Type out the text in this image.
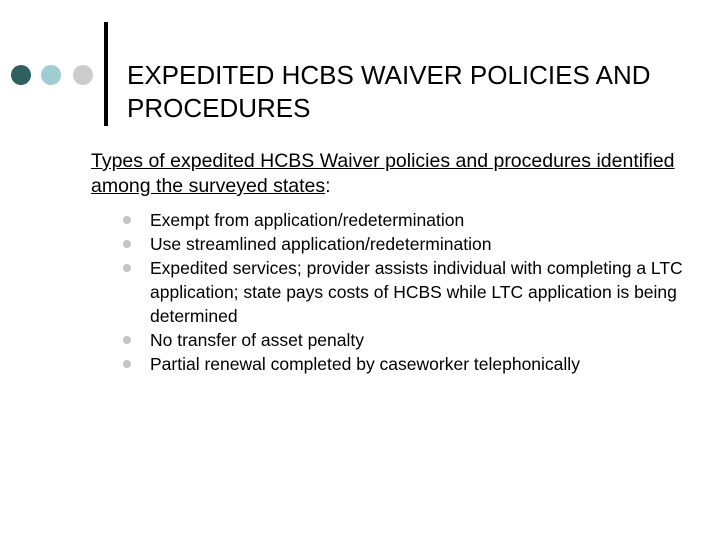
EXPEDITED HCBS WAIVER POLICIES AND PROCEDURES
Types of expedited HCBS Waiver policies and procedures identified among the surveyed states:
Exempt from application/redetermination
Use streamlined application/redetermination
Expedited services; provider assists individual with completing a LTC application; state pays costs of HCBS while LTC application is being determined
No transfer of asset penalty
Partial renewal completed by caseworker telephonically
